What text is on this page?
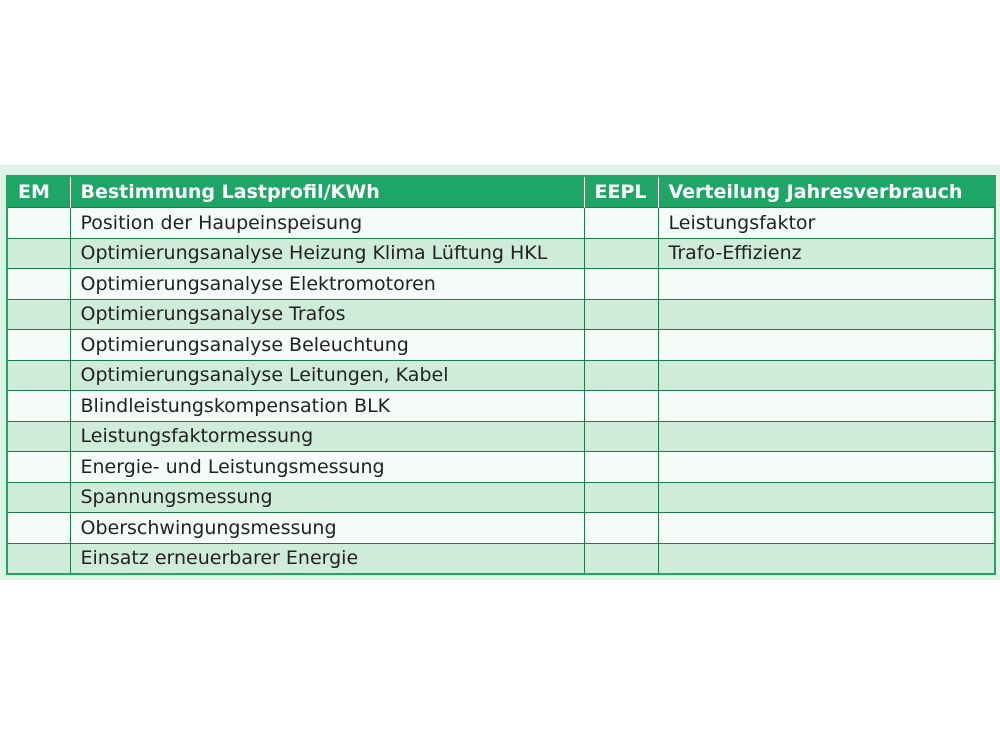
EM	Bestimmung Lastprofil/KWh	EEPL	Verteilung Jahresverbrauch
	Position der Haupeinspeisung		Leistungsfaktor
	Optimierungsanalyse Heizung Klima Lüftung HKL		Trafo-Effizienz
	Optimierungsanalyse Elektromotoren		
	Optimierungsanalyse Trafos		
	Optimierungsanalyse Beleuchtung		
	Optimierungsanalyse Leitungen, Kabel		
	Blindleistungskompensation BLK		
	Leistungsfaktormessung		
	Energie- und Leistungsmessung		
	Spannungsmessung		
	Oberschwingungsmessung		
	Einsatz erneuerbarer Energie		
